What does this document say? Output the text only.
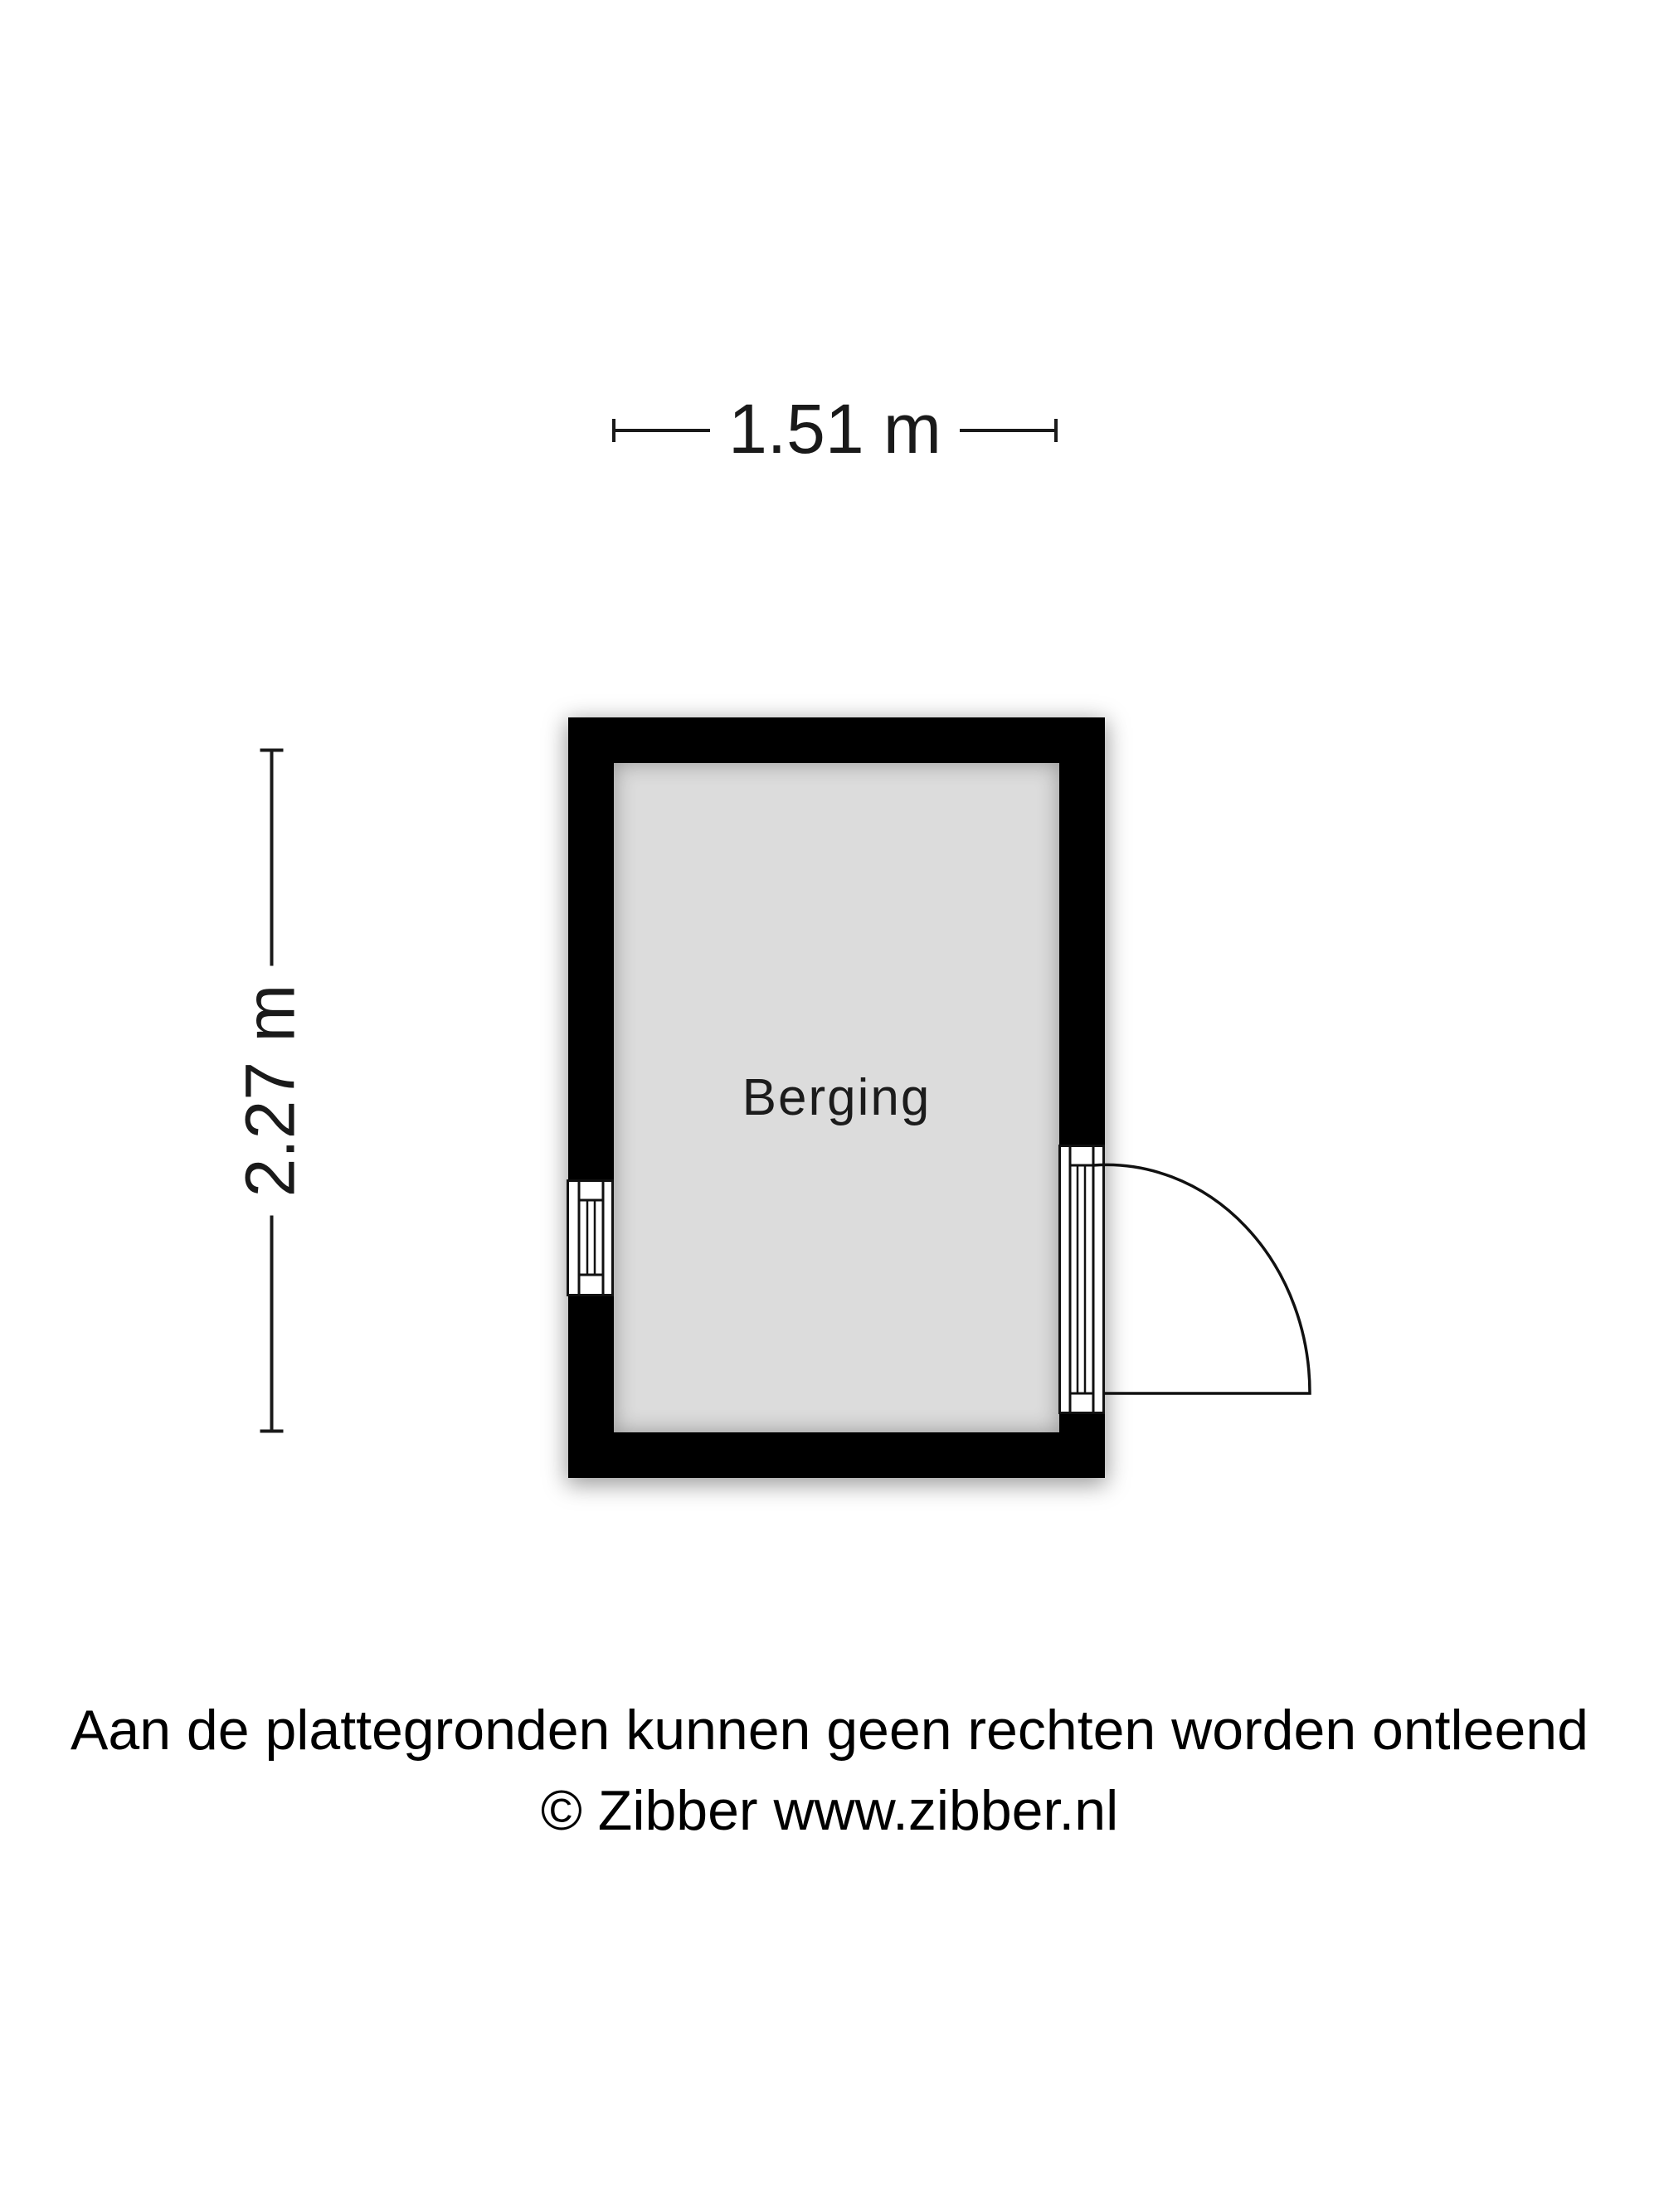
1.51 m
2.27 m	Berging
Aan de plattegronden kunnen geen rechten worden ontleend
© Zibber www.zibber.nl
